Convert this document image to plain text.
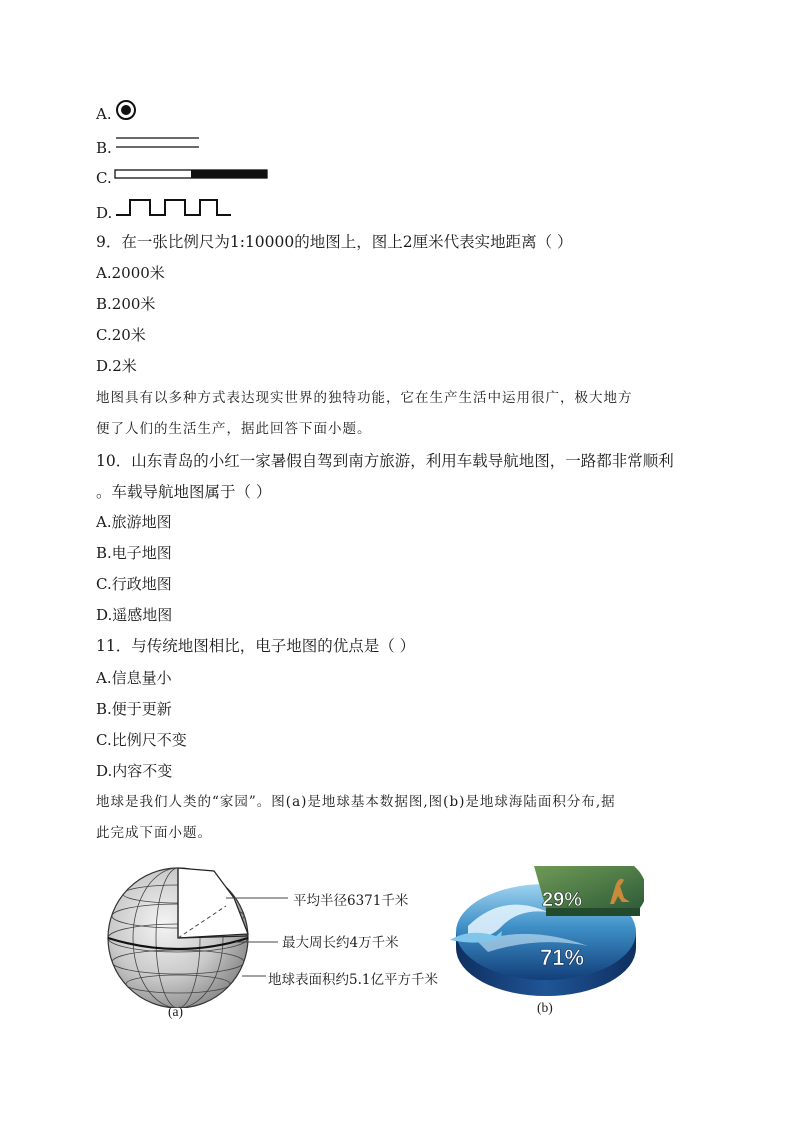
A.
B.
C.
D.
9．在一张比例尺为1:10000的地图上，图上2厘米代表实地距离（ ）
A.2000米
B.200米
C.20米
D.2米
地图具有以多种方式表达现实世界的独特功能，它在生产生活中运用很广，极大地方
便了人们的生活生产，据此回答下面小题。
10．山东青岛的小红一家暑假自驾到南方旅游，利用车载导航地图，一路都非常顺利
。车载导航地图属于（ ）
A.旅游地图
B.电子地图
C.行政地图
D.遥感地图
11．与传统地图相比，电子地图的优点是（ ）
A.信息量小
B.便于更新
C.比例尺不变
D.内容不变
地球是我们人类的“家园”。图(a)是地球基本数据图,图(b)是地球海陆面积分布,据
此完成下面小题。
平均半径6371千米
最大周长约4万千米
地球表面积约5.1亿平方千米
(a)
29%
71%
(b)
